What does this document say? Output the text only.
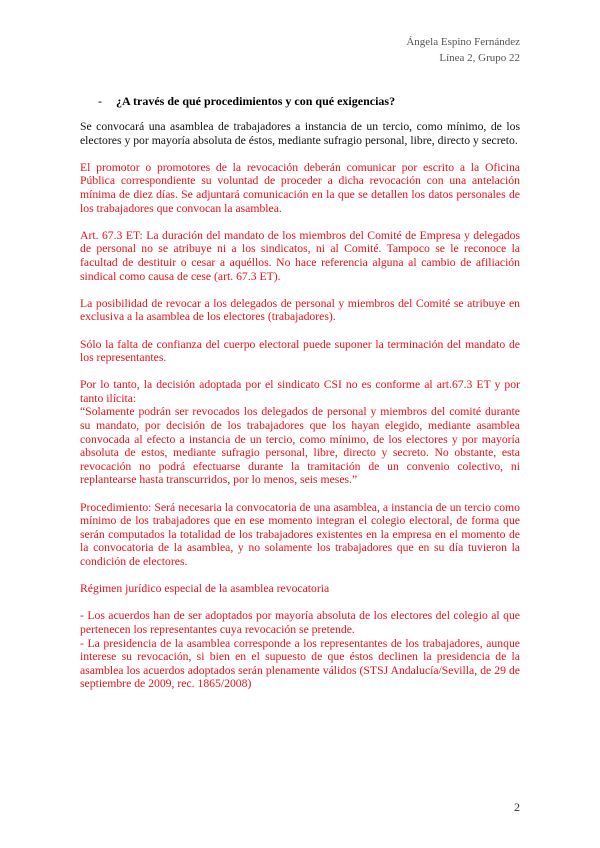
Ángela Espino Fernández
Línea 2, Grupo 22
- ¿A través de qué procedimientos y con qué exigencias?

Se convocará una asamblea de trabajadores a instancia de un tercio, como mínimo, de los electores y por mayoría absoluta de éstos, mediante sufragio personal, libre, directo y secreto.

El promotor o promotores de la revocación deberán comunicar por escrito a la Oficina Pública correspondiente su voluntad de proceder a dicha revocación con una antelación mínima de diez días. Se adjuntará comunicación en la que se detallen los datos personales de los trabajadores que convocan la asamblea.

Art. 67.3 ET: La duración del mandato de los miembros del Comité de Empresa y delegados de personal no se atribuye ni a los sindicatos, ni al Comité. Tampoco se le reconoce la facultad de destituir o cesar a aquéllos. No hace referencia alguna al cambio de afiliación sindical como causa de cese (art. 67.3 ET).

La posibilidad de revocar a los delegados de personal y miembros del Comité se atribuye en exclusiva a la asamblea de los electores (trabajadores).

Sólo la falta de confianza del cuerpo electoral puede suponer la terminación del mandato de los representantes.

Por lo tanto, la decisión adoptada por el sindicato CSI no es conforme al art.67.3 ET y por tanto ilícita:

“Solamente podrán ser revocados los delegados de personal y miembros del comité durante su mandato, por decisión de los trabajadores que los hayan elegido, mediante asamblea convocada al efecto a instancia de un tercio, como mínimo, de los electores y por mayoría absoluta de estos, mediante sufragio personal, libre, directo y secreto. No obstante, esta revocación no podrá efectuarse durante la tramitación de un convenio colectivo, ni replantearse hasta transcurridos, por lo menos, seis meses.”

Procedimiento: Será necesaria la convocatoria de una asamblea, a instancia de un tercio como mínimo de los trabajadores que en ese momento integran el colegio electoral, de forma que serán computados la totalidad de los trabajadores existentes en la empresa en el momento de la convocatoria de la asamblea, y no solamente los trabajadores que en su día tuvieron la condición de electores.

Régimen jurídico especial de la asamblea revocatoria

- Los acuerdos han de ser adoptados por mayoría absoluta de los electores del colegio al que pertenecen los representantes cuya revocación se pretende.

- La presidencia de la asamblea corresponde a los representantes de los trabajadores, aunque interese su revocación, si bien en el supuesto de que éstos declinen la presidencia de la asamblea los acuerdos adoptados serán plenamente válidos (STSJ Andalucía/Sevilla, de 29 de septiembre de 2009, rec. 1865/2008)

2
